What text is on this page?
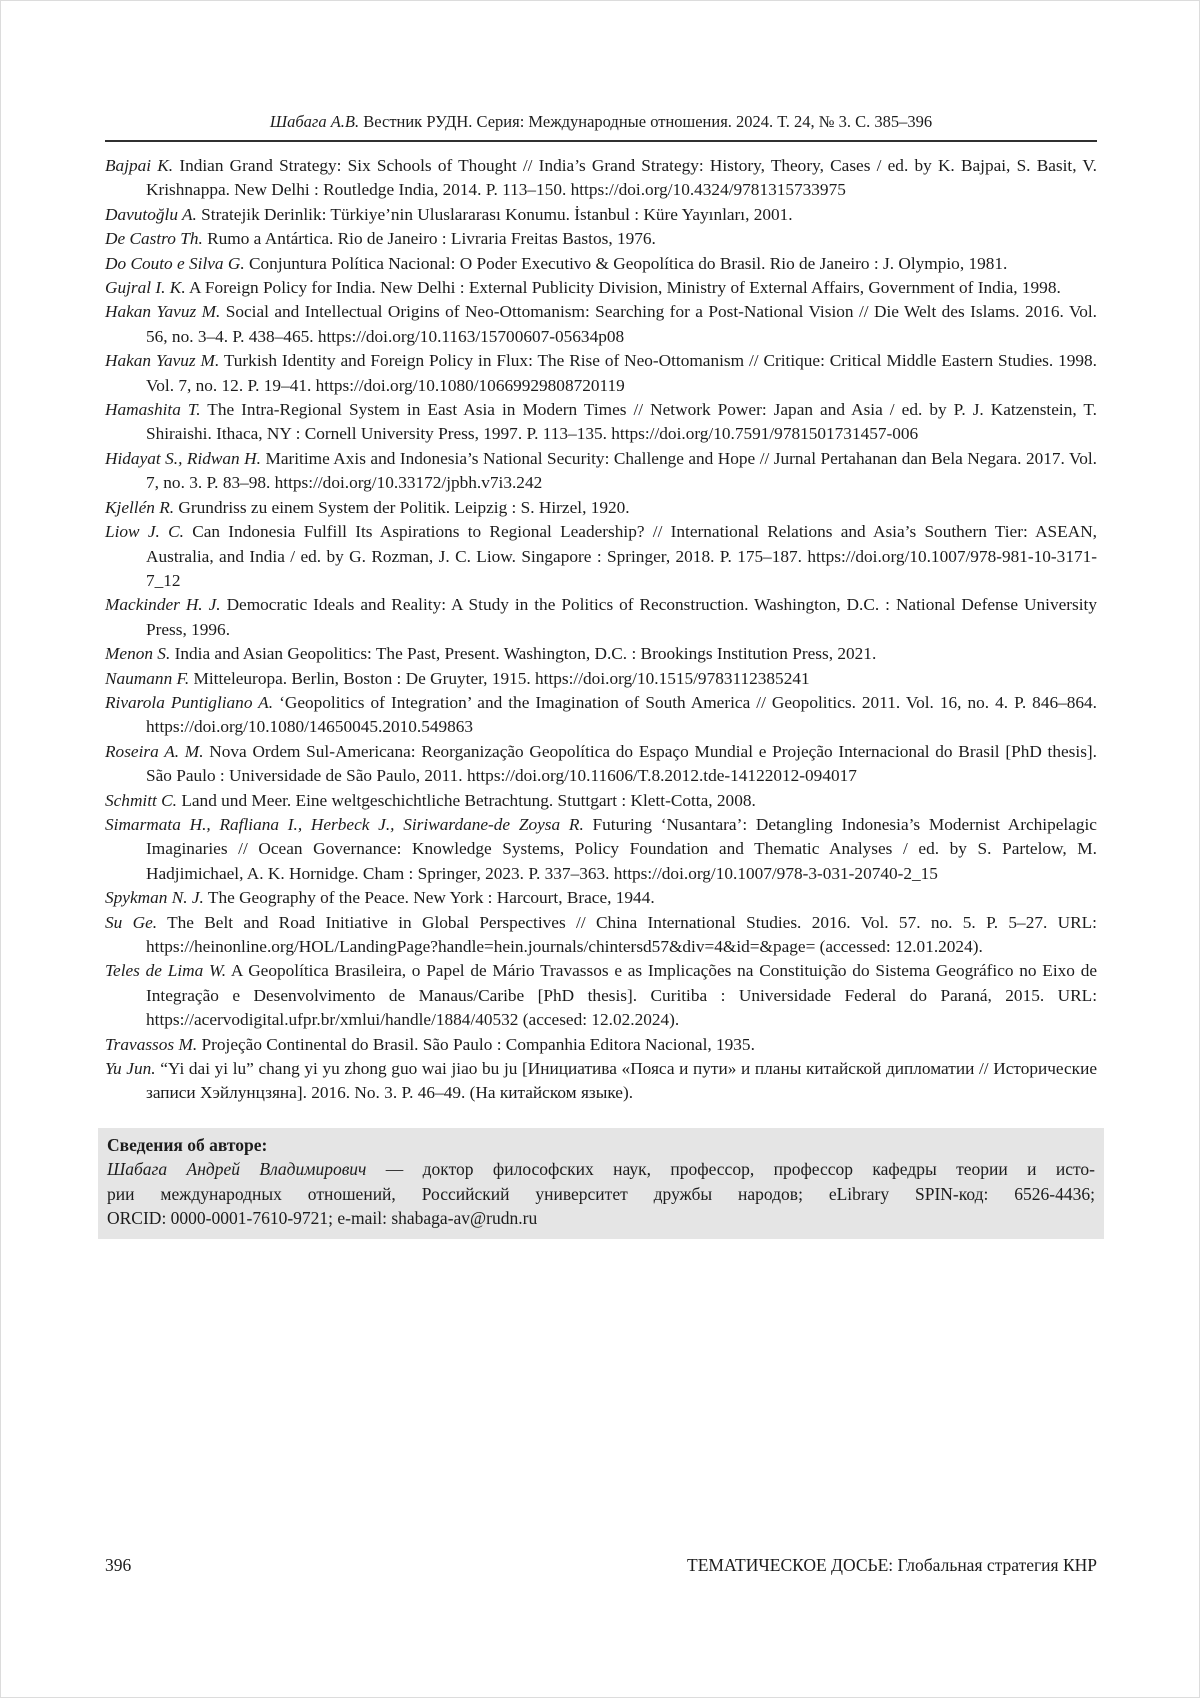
Шабага А.В. Вестник РУДН. Серия: Международные отношения. 2024. Т. 24, № 3. С. 385–396

Bajpai K. Indian Grand Strategy: Six Schools of Thought // India’s Grand Strategy: History, Theory, Cases / ed. by K. Bajpai, S. Basit, V. Krishnappa. New Delhi : Routledge India, 2014. P. 113–150. https://doi.org/10.4324/9781315733975

Davutoğlu A. Stratejik Derinlik: Türkiye’nin Uluslararası Konumu. İstanbul : Küre Yayınları, 2001.

De Castro Th. Rumo a Antártica. Rio de Janeiro : Livraria Freitas Bastos, 1976.

Do Couto e Silva G. Conjuntura Política Nacional: O Poder Executivo & Geopolítica do Brasil. Rio de Janeiro : J. Olympio, 1981.

Gujral I. K. A Foreign Policy for India. New Delhi : External Publicity Division, Ministry of External Affairs, Government of India, 1998.

Hakan Yavuz M. Social and Intellectual Origins of Neo-Ottomanism: Searching for a Post-National Vision // Die Welt des Islams. 2016. Vol. 56, no. 3–4. P. 438–465. https://doi.org/10.1163/15700607-05634p08

Hakan Yavuz M. Turkish Identity and Foreign Policy in Flux: The Rise of Neo-Ottomanism // Critique: Critical Middle Eastern Studies. 1998. Vol. 7, no. 12. P. 19–41. https://doi.org/10.1080/10669929808720119

Hamashita T. The Intra-Regional System in East Asia in Modern Times // Network Power: Japan and Asia / ed. by P. J. Katzenstein, T. Shiraishi. Ithaca, NY : Cornell University Press, 1997. P. 113–135. https://doi.org/10.7591/9781501731457-006

Hidayat S., Ridwan H. Maritime Axis and Indonesia’s National Security: Challenge and Hope // Jurnal Pertahanan dan Bela Negara. 2017. Vol. 7, no. 3. P. 83–98. https://doi.org/10.33172/jpbh.v7i3.242

Kjellén R. Grundriss zu einem System der Politik. Leipzig : S. Hirzel, 1920.

Liow J. C. Can Indonesia Fulfill Its Aspirations to Regional Leadership? // International Relations and Asia’s Southern Tier: ASEAN, Australia, and India / ed. by G. Rozman, J. C. Liow. Singapore : Springer, 2018. P. 175–187. https://doi.org/10.1007/978-981-10-3171-7_12

Mackinder H. J. Democratic Ideals and Reality: A Study in the Politics of Reconstruction. Washington, D.C. : National Defense University Press, 1996.

Menon S. India and Asian Geopolitics: The Past, Present. Washington, D.C. : Brookings Institution Press, 2021.

Naumann F. Mitteleuropa. Berlin, Boston : De Gruyter, 1915. https://doi.org/10.1515/9783112385241

Rivarola Puntigliano A. ‘Geopolitics of Integration’ and the Imagination of South America // Geopolitics. 2011. Vol. 16, no. 4. P. 846–864. https://doi.org/10.1080/14650045.2010.549863

Roseira A. M. Nova Ordem Sul-Americana: Reorganização Geopolítica do Espaço Mundial e Projeção Internacional do Brasil [PhD thesis]. São Paulo : Universidade de São Paulo, 2011. https://doi.org/10.11606/T.8.2012.tde-14122012-094017

Schmitt C. Land und Meer. Eine weltgeschichtliche Betrachtung. Stuttgart : Klett-Cotta, 2008.

Simarmata H., Rafliana I., Herbeck J., Siriwardane-de Zoysa R. Futuring ‘Nusantara’: Detangling Indonesia’s Modernist Archipelagic Imaginaries // Ocean Governance: Knowledge Systems, Policy Foundation and Thematic Analyses / ed. by S. Partelow, M. Hadjimichael, A. K. Hornidge. Cham : Springer, 2023. P. 337–363. https://doi.org/10.1007/978-3-031-20740-2_15

Spykman N. J. The Geography of the Peace. New York : Harcourt, Brace, 1944.

Su Ge. The Belt and Road Initiative in Global Perspectives // China International Studies. 2016. Vol. 57. no. 5. P. 5–27. URL: https://heinonline.org/HOL/LandingPage?handle=hein.journals/chintersd57&div=4&id=&page= (accessed: 12.01.2024).

Teles de Lima W. A Geopolítica Brasileira, o Papel de Mário Travassos e as Implicações na Constituição do Sistema Geográfico no Eixo de Integração e Desenvolvimento de Manaus/Caribe [PhD thesis]. Curitiba : Universidade Federal do Paraná, 2015. URL: https://acervodigital.ufpr.br/xmlui/handle/1884/40532 (accesed: 12.02.2024).

Travassos M. Projeção Continental do Brasil. São Paulo : Companhia Editora Nacional, 1935.

Yu Jun. “Yi dai yi lu” chang yi yu zhong guo wai jiao bu ju [Инициатива «Пояса и пути» и планы китайской дипломатии // Исторические записи Хэйлунцзяна]. 2016. No. 3. P. 46–49. (На китайском языке).

Сведения об авторе:
Шабага Андрей Владимирович — доктор философских наук, профессор, профессор кафедры теории и исто-
рии международных отношений, Российский университет дружбы народов; eLibrary SPIN-код: 6526-4436;
ORCID: 0000-0001-7610-9721; e-mail: shabaga-av@rudn.ru
396	ТЕМАТИЧЕСКОЕ ДОСЬЕ: Глобальная стратегия КНР
